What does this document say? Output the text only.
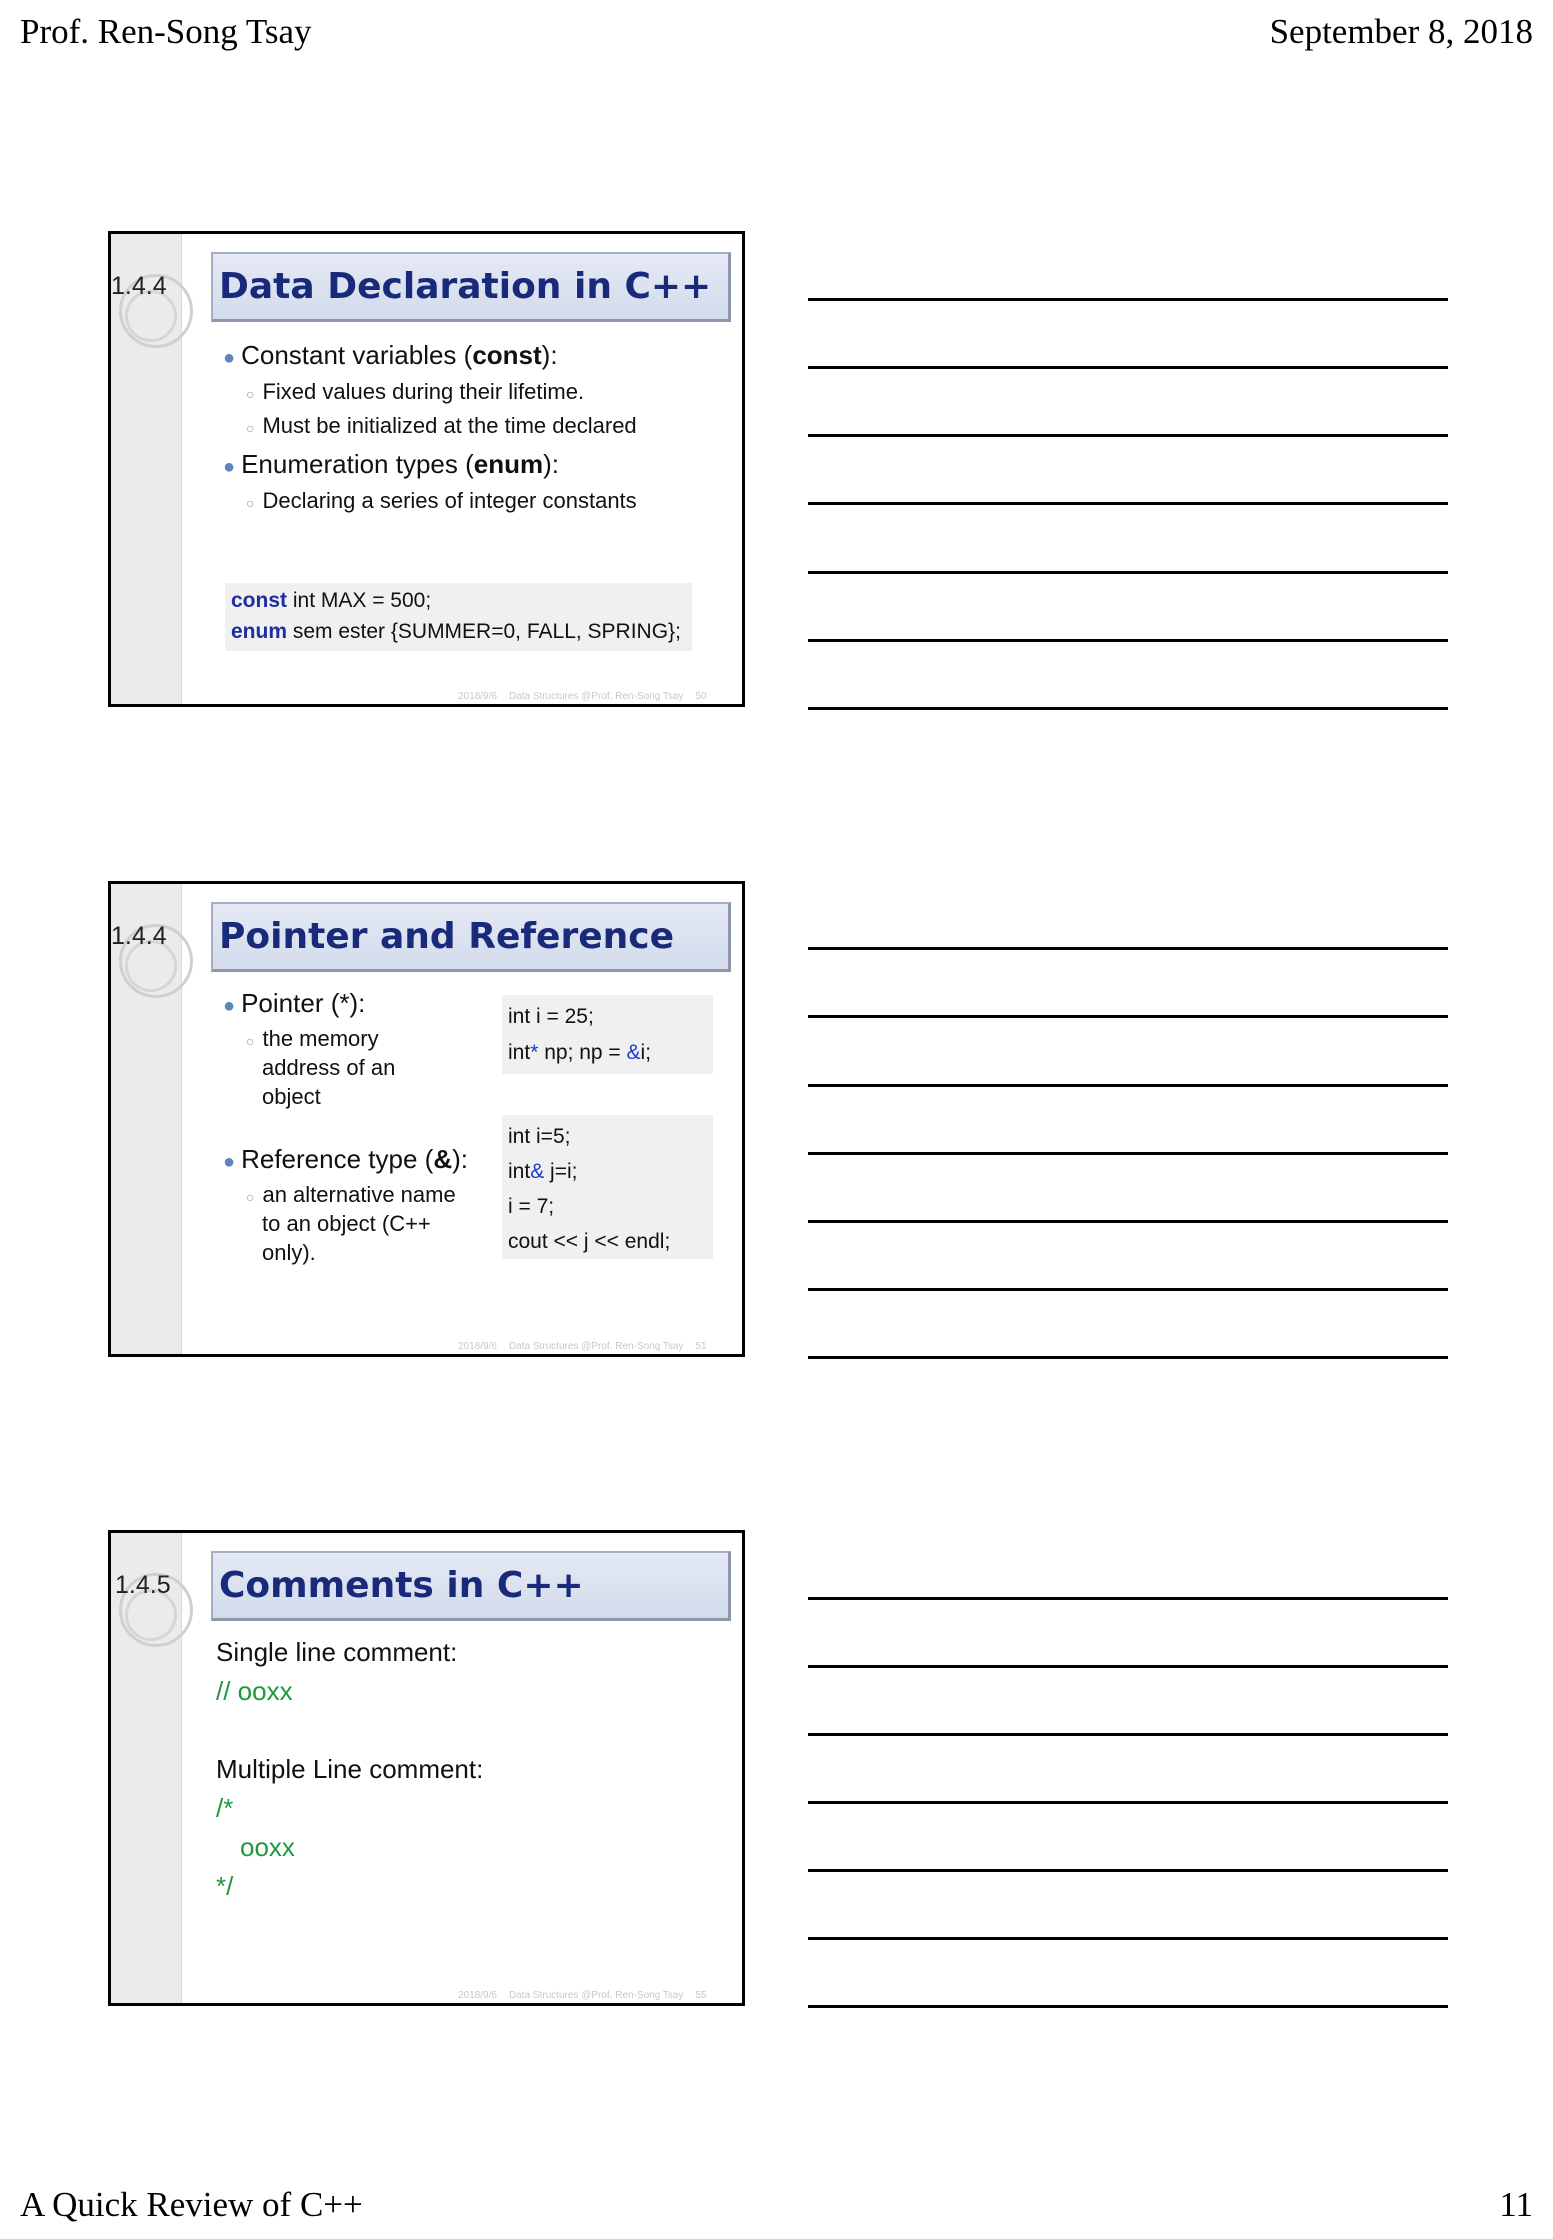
Prof. Ren-Song Tsay	September 8, 2018
1.4.4 Data Declaration in C++
● Constant variables (const):
○ Fixed values during their lifetime.
○ Must be initialized at the time declared
● Enumeration types (enum):
○ Declaring a series of integer constants
const int MAX = 500;
enum sem ester {SUMMER=0, FALL, SPRING};
2018/9/6 Data Structures @Prof. Ren-Song Tsay 50
1.4.4 Pointer and Reference
● Pointer (*):
○ the memory
address of an
object
● Reference type (&):
○ an alternative name
to an object (C++
only).
int i = 25;
int* np; np = &i;
int i=5;
int& j=i;
i = 7;
cout << j << endl;
2018/9/6 Data Structures @Prof. Ren-Song Tsay 51
1.4.5 Comments in C++
Single line comment:
// ooxx
Multiple Line comment:
/*
ooxx
*/
2018/9/6 Data Structures @Prof. Ren-Song Tsay 55
A Quick Review of C++	11
